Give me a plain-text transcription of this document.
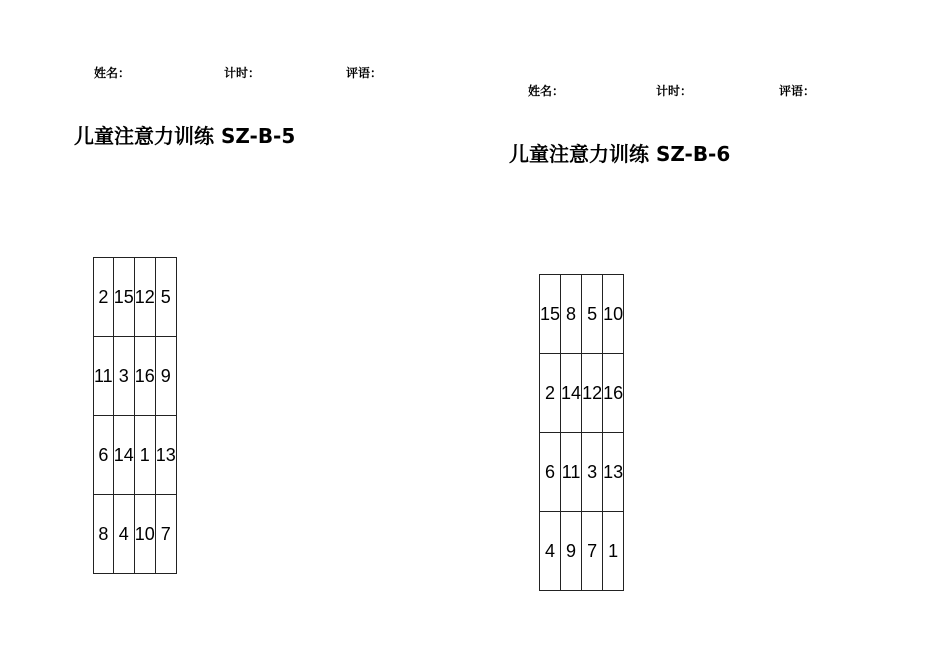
姓名：	计时：	评语：
儿童注意力训练 SZ-B-5
2	15	12	5
11	3	16	9
6	14	1	13
8	4	10	7
姓名：	计时：	评语：
儿童注意力训练 SZ-B-6
15	8	5	10
2	14	12	16
6	11	3	13
4	9	7	1
